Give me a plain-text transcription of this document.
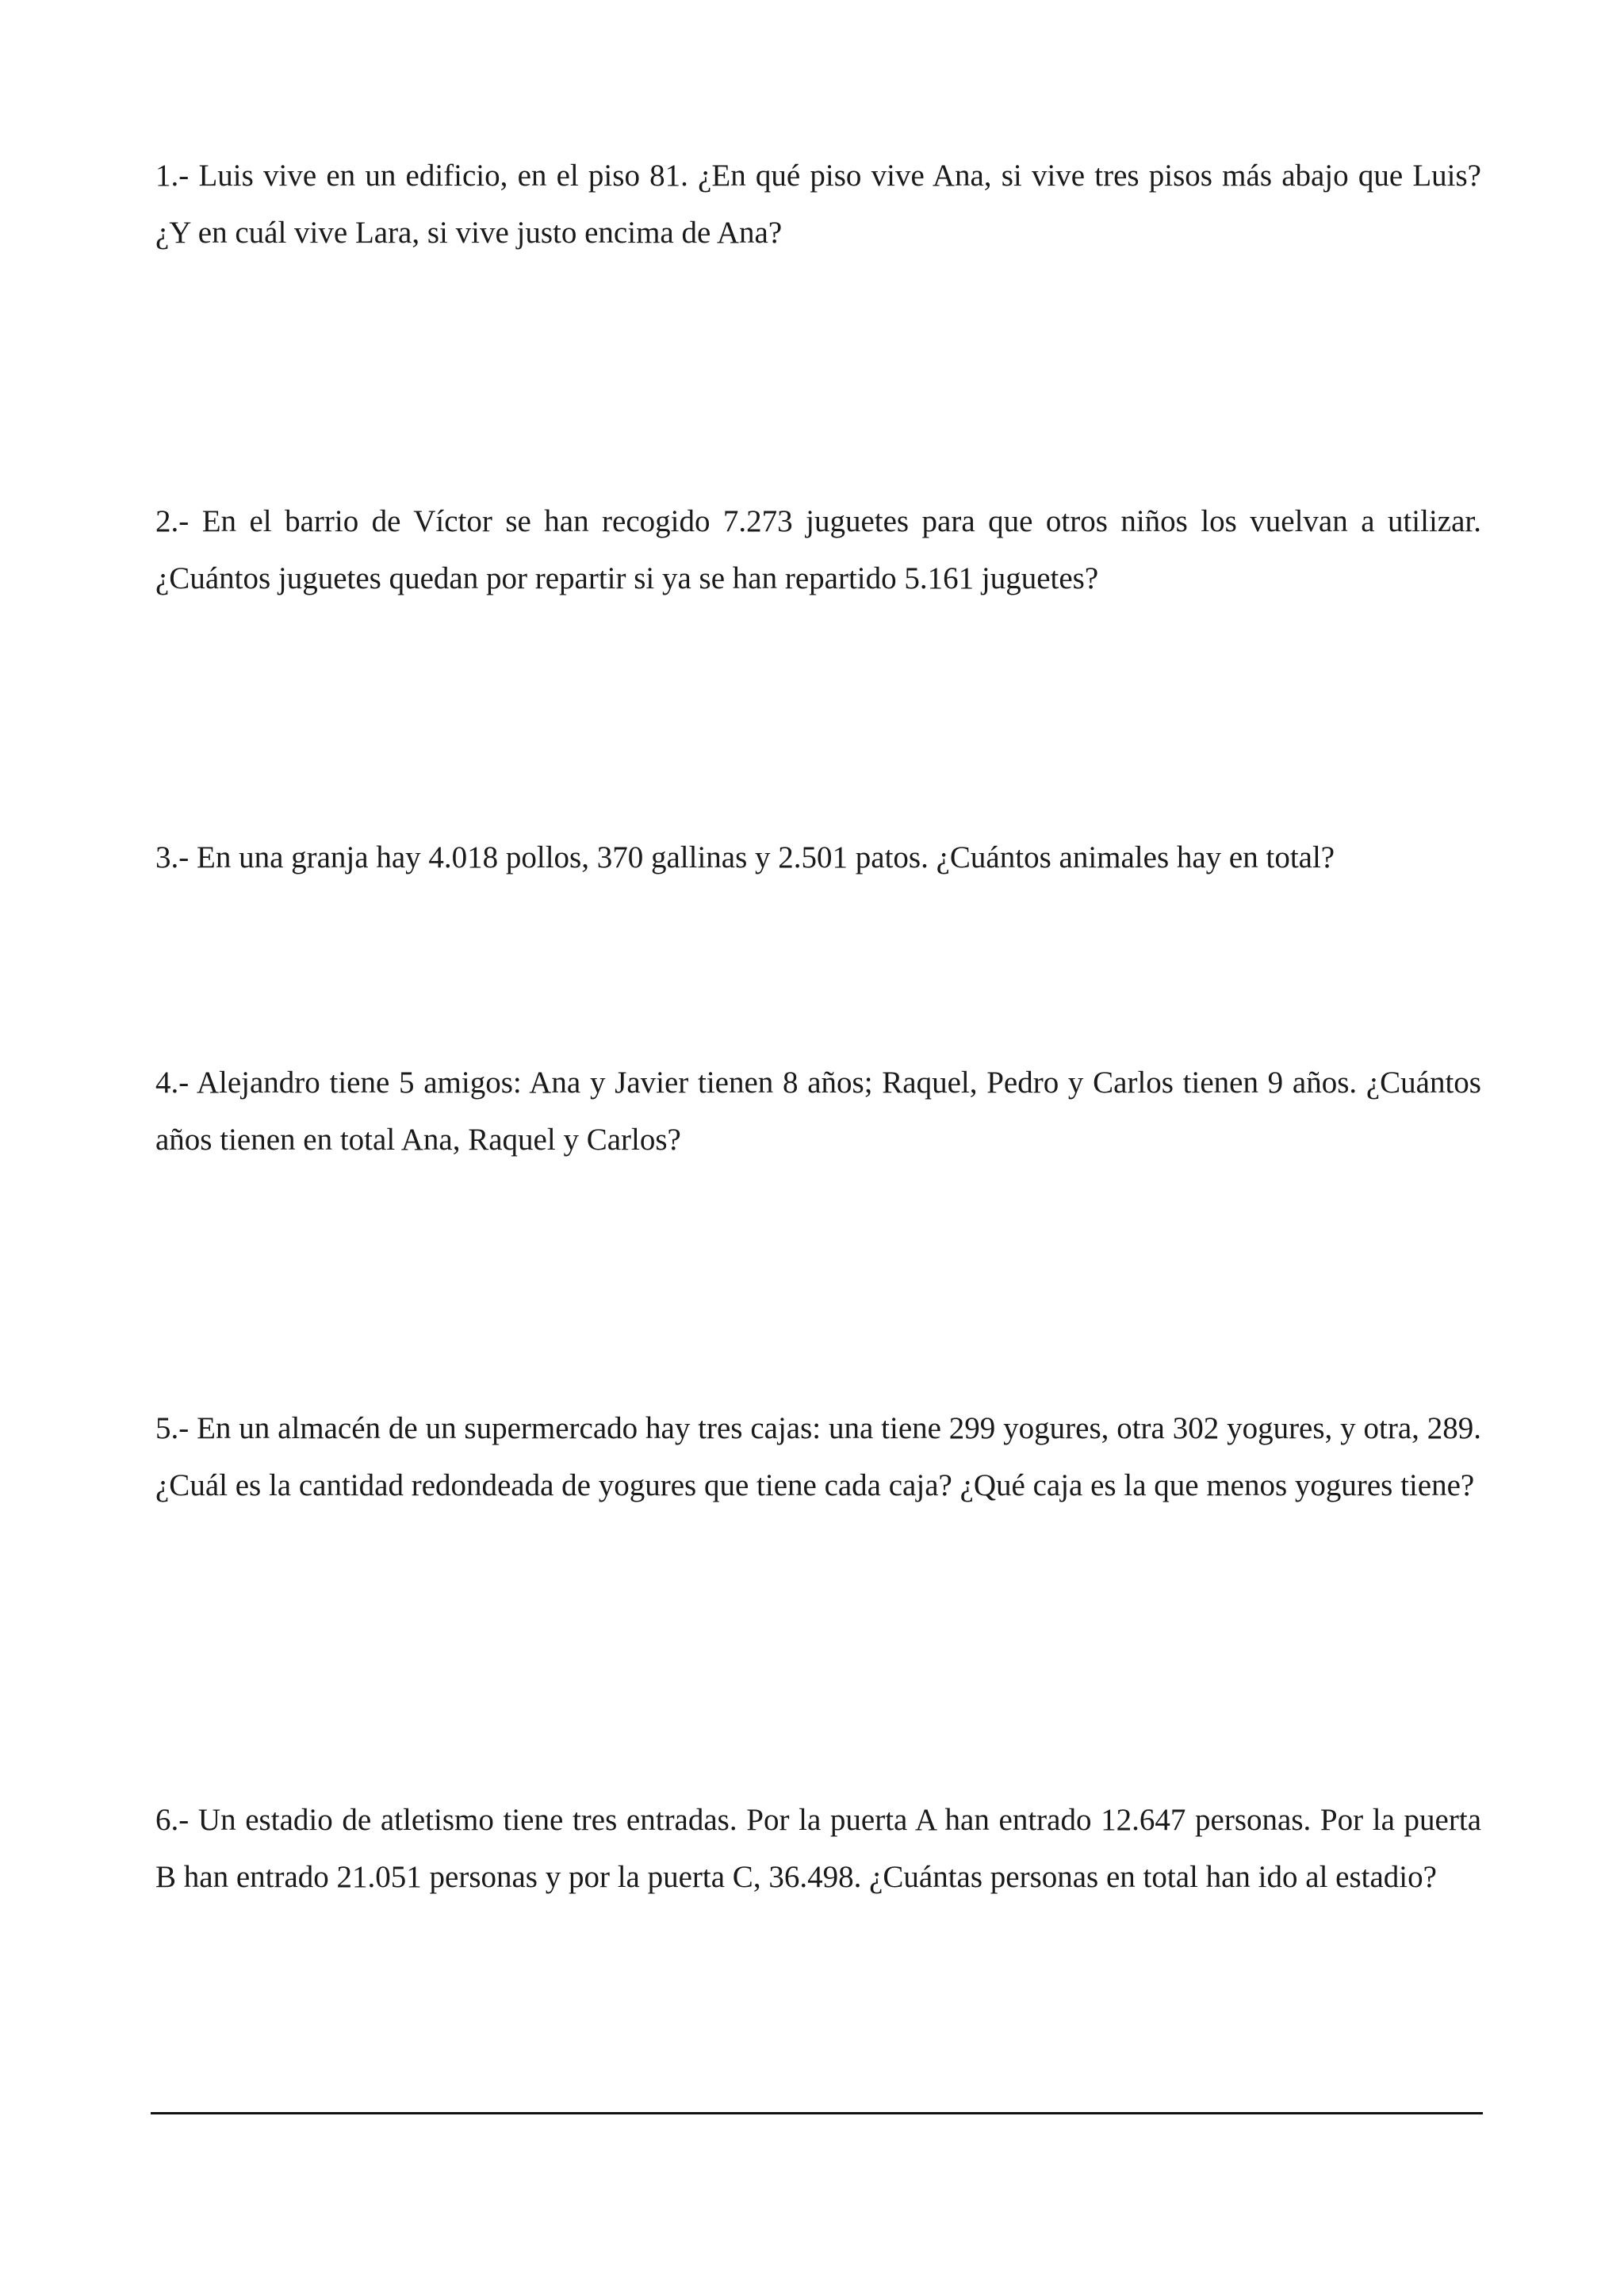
1.- Luis vive en un edificio, en el piso 81. ¿En qué piso vive Ana, si vive tres pisos más abajo que Luis? ¿Y en cuál vive Lara, si vive justo encima de Ana?

2.- En el barrio de Víctor se han recogido 7.273 juguetes para que otros niños los vuelvan a utilizar. ¿Cuántos juguetes quedan por repartir si ya se han repartido 5.161 juguetes?

3.- En una granja hay 4.018 pollos, 370 gallinas y 2.501 patos. ¿Cuántos animales hay en total?

4.- Alejandro tiene 5 amigos: Ana y Javier tienen 8 años; Raquel, Pedro y Carlos tienen 9 años. ¿Cuántos años tienen en total Ana, Raquel y Carlos?

5.- En un almacén de un supermercado hay tres cajas: una tiene 299 yogures, otra 302 yogures, y otra, 289. ¿Cuál es la cantidad redondeada de yogures que tiene cada caja? ¿Qué caja es la que menos yogures tiene?

6.- Un estadio de atletismo tiene tres entradas. Por la puerta A han entrado 12.647 personas. Por la puerta B han entrado 21.051 personas y por la puerta C, 36.498. ¿Cuántas personas en total han ido al estadio?
